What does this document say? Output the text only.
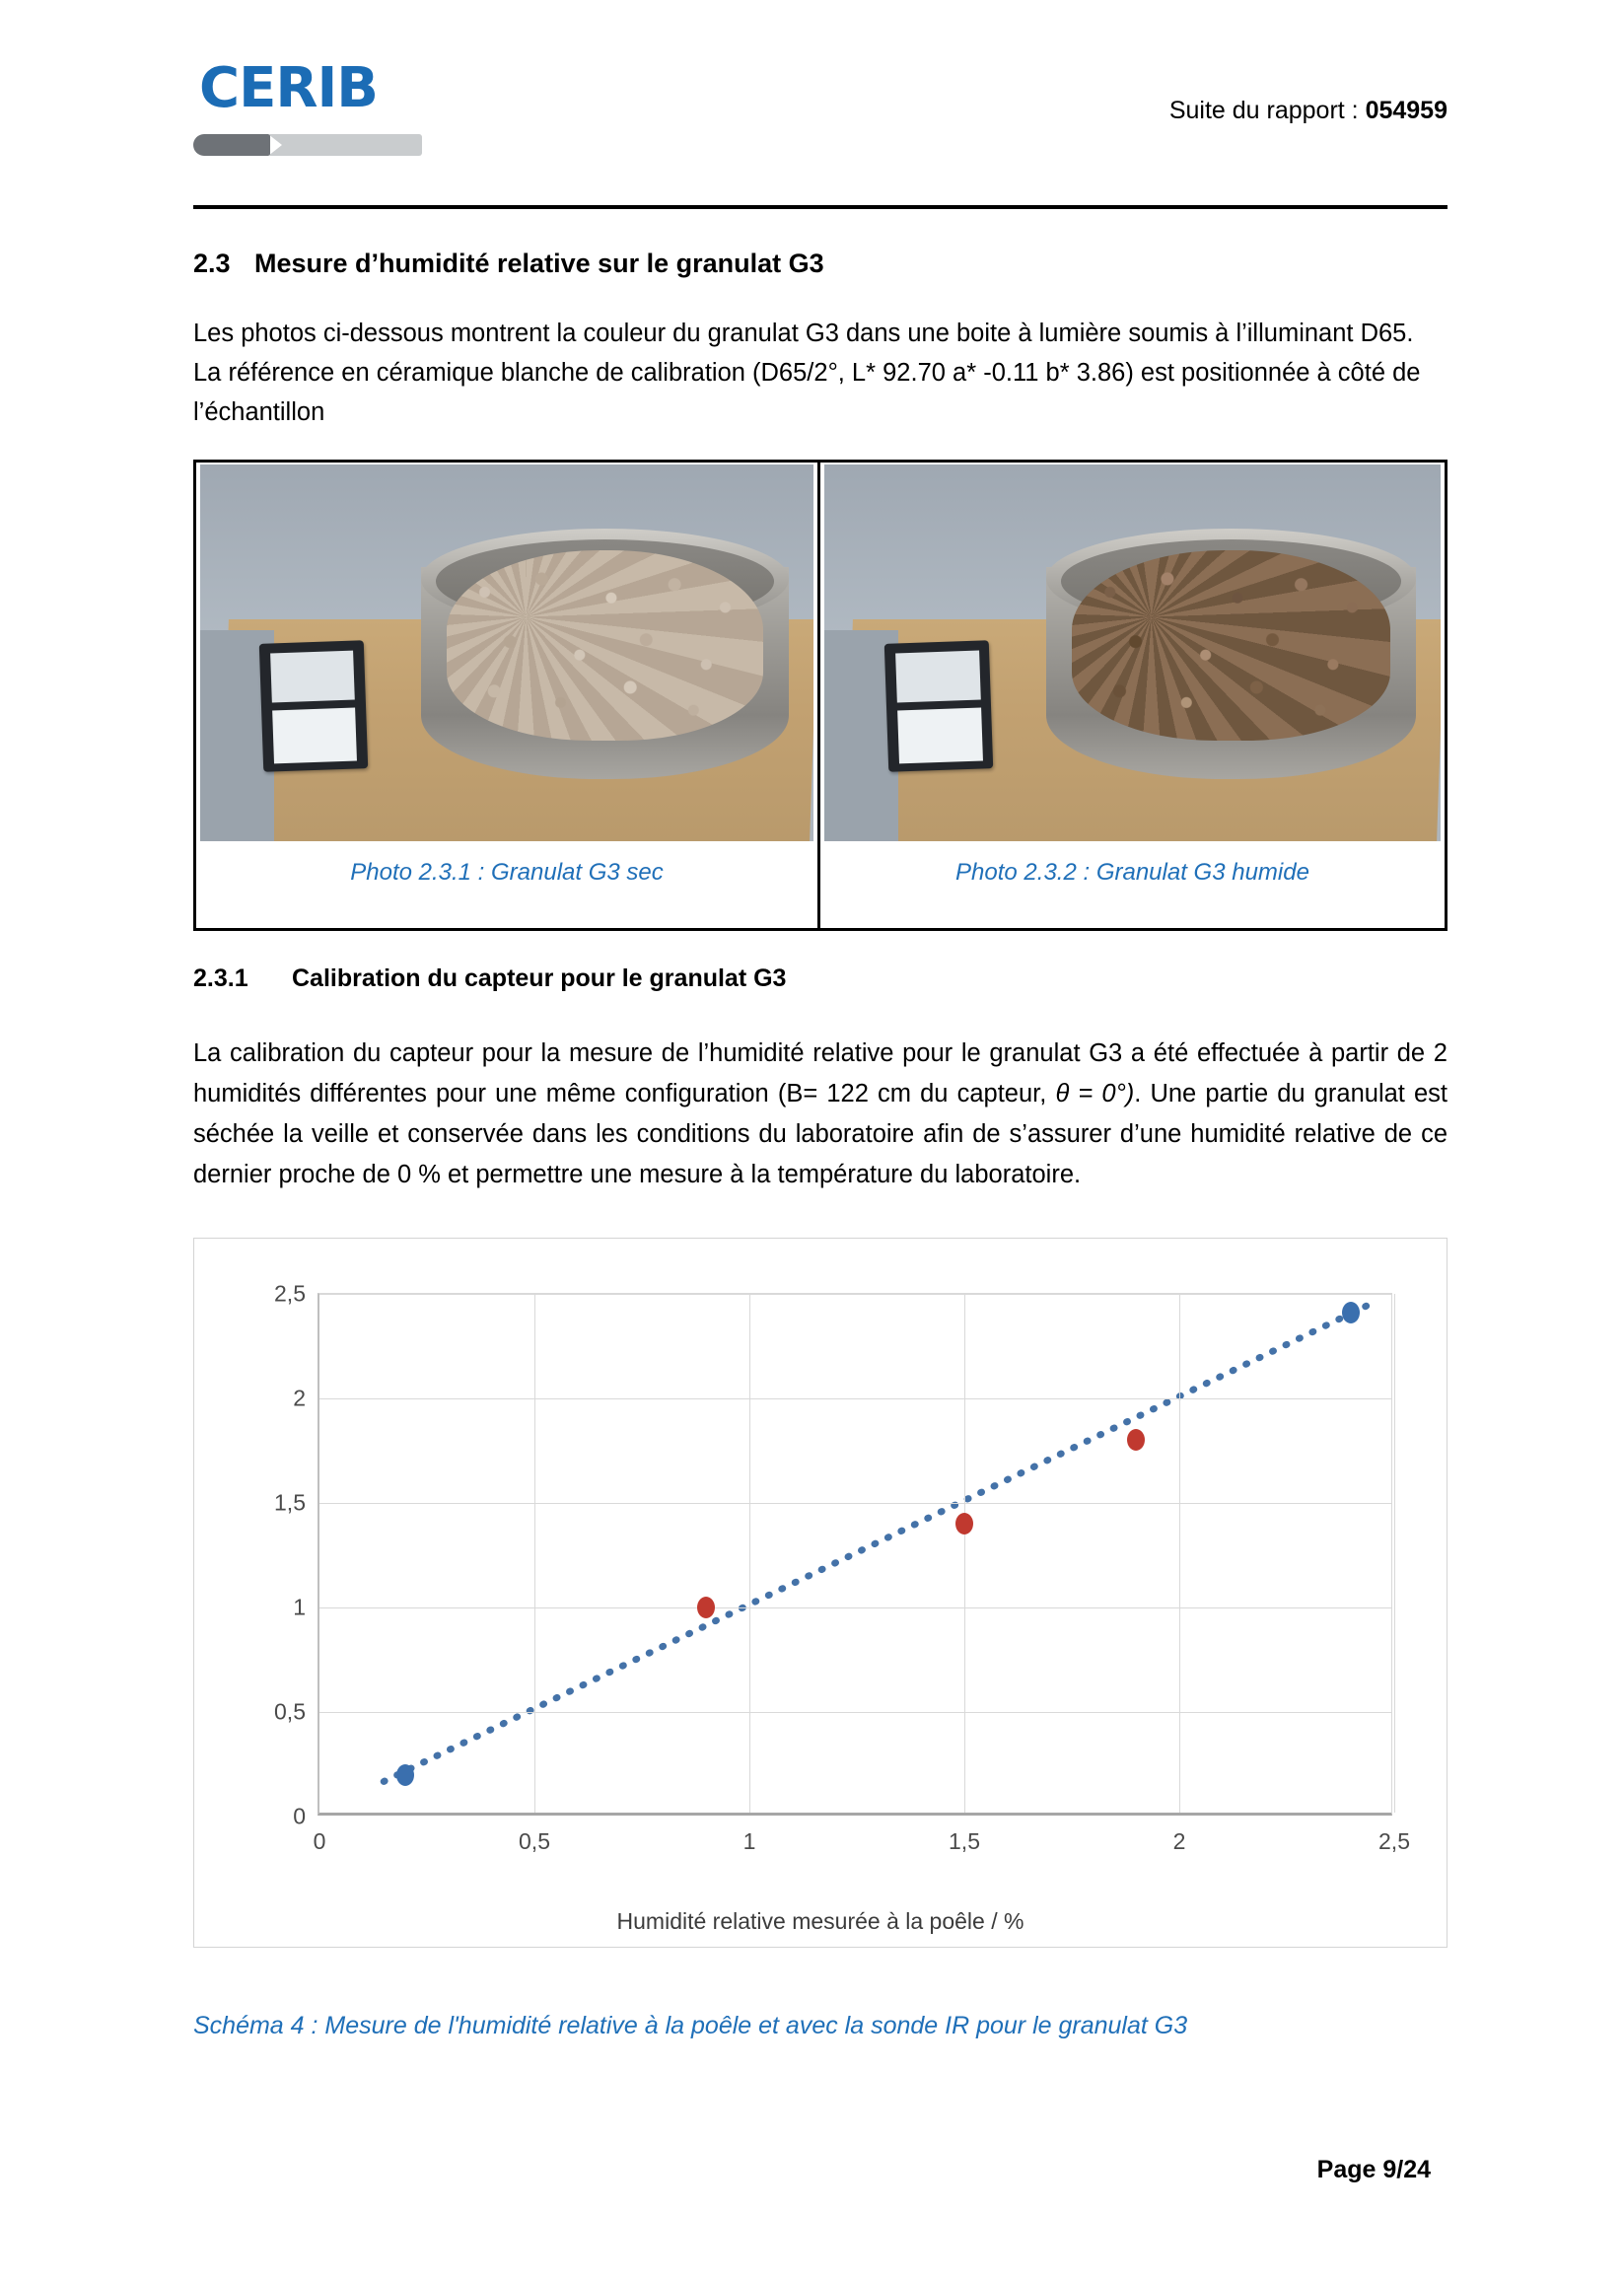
CERIB	Suite du rapport : 054959
2.3 Mesure d’humidité relative sur le granulat G3
Les photos ci-dessous montrent la couleur du granulat G3 dans une boite à lumière soumis à l’illuminant D65. La référence en céramique blanche de calibration (D65/2°, L* 92.70 a* -0.11 b* 3.86) est positionnée à côté de l’échantillon
Photo 2.3.1 : Granulat G3 sec	Photo 2.3.2 : Granulat G3 humide
2.3.1 Calibration du capteur pour le granulat G3
La calibration du capteur pour la mesure de l’humidité relative pour le granulat G3 a été effectuée à partir de 2 humidités différentes pour une même configuration (B= 122 cm du capteur, θ = 0°). Une partie du granulat est séchée la veille et conservée dans les conditions du laboratoire afin de s’assurer d’une humidité relative de ce dernier proche de 0 % et permettre une mesure à la température du laboratoire.
Humidité relative mesurée à la poêle / %
0
0,5
1
1,5
2
2,5
0	0,5	1	1,5	2	2,5
Schéma 4 : Mesure de l'humidité relative à la poêle et avec la sonde IR pour le granulat G3
Page 9/24
